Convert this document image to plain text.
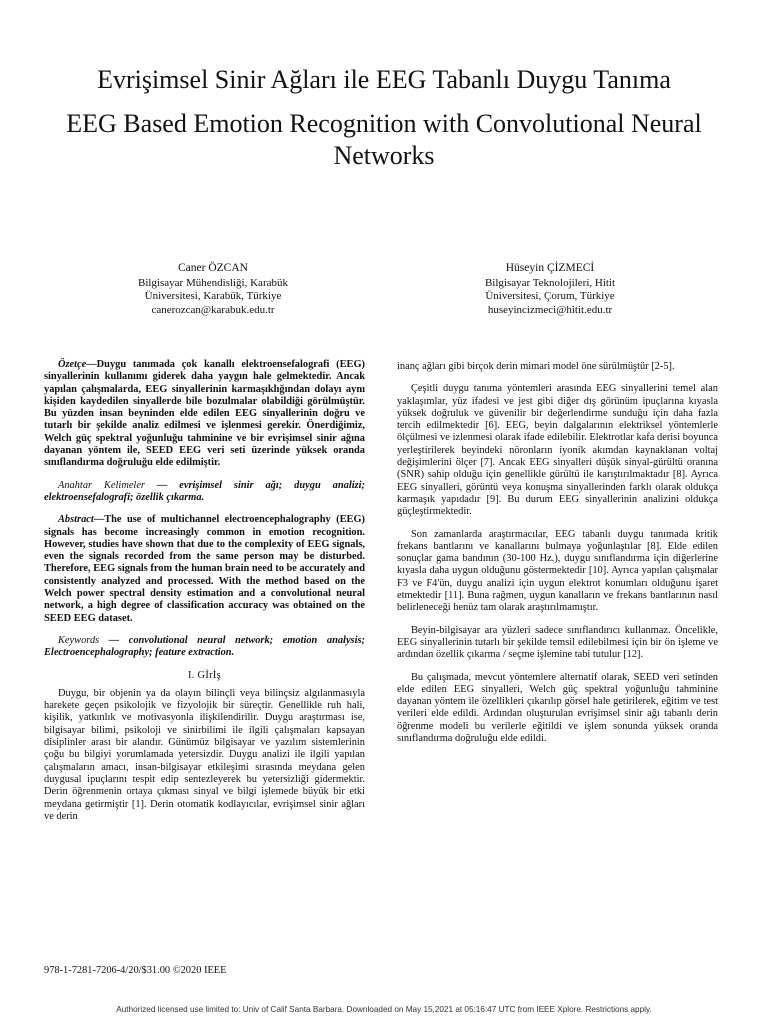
Evrişimsel Sinir Ağları ile EEG Tabanlı Duygu Tanıma
EEG Based Emotion Recognition with Convolutional Neural Networks
Caner ÖZCAN
Bilgisayar Mühendisliği, Karabük
Üniversitesi, Karabük, Türkiye
canerozcan@karabuk.edu.tr
Hüseyin ÇİZMECİ
Bilgisayar Teknolojileri, Hitit
Üniversitesi, Çorum, Türkiye
huseyincizmeci@hitit.edu.tr

Özetçe—Duygu tanımada çok kanallı elektroensefalografi (EEG) sinyallerinin kullanımı giderek daha yaygın hale gelmektedir. Ancak yapılan çalışmalarda, EEG sinyallerinin karmaşıklığından dolayı aynı kişiden kaydedilen sinyallerde bile bozulmalar olabildiği görülmüştür. Bu yüzden insan beyninden elde edilen EEG sinyallerinin doğru ve tutarlı bir şekilde analiz edilmesi ve işlenmesi gerekir. Önerdiğimiz, Welch güç spektral yoğunluğu tahminine ve bir evrişimsel sinir ağına dayanan yöntem ile, SEED EEG veri seti üzerinde yüksek oranda sınıflandırma doğruluğu elde edilmiştir.

Anahtar Kelimeler — evrişimsel sinir ağı; duygu analizi; elektroensefalografi; özellik çıkarma.

Abstract—The use of multichannel electroencephalography (EEG) signals has become increasingly common in emotion recognition. However, studies have shown that due to the complexity of EEG signals, even the signals recorded from the same person may be disturbed. Therefore, EEG signals from the human brain need to be accurately and consistently analyzed and processed. With the method based on the Welch power spectral density estimation and a convolutional neural network, a high degree of classification accuracy was obtained on the SEED EEG dataset.

Keywords — convolutional neural network; emotion analysis; Electroencephalography; feature extraction.

I. Gİrİş

Duygu, bir objenin ya da olayın bilinçli veya bilinçsiz algılanmasıyla harekete geçen psikolojik ve fizyolojik bir süreçtir. Genellikle ruh hali, kişilik, yatkınlık ve motivasyonla ilişkilendirilir. Duygu araştırması ise, bilgisayar bilimi, psikoloji ve sinirbilimi ile ilgili çalışmaları kapsayan disiplinler arası bir alandır. Günümüz bilgisayar ve yazılım sistemlerinin çoğu bu bilgiyi yorumlamada yetersizdir. Duygu analizi ile ilgili yapılan çalışmaların amacı, insan-bilgisayar etkileşimi sırasında meydana gelen duygusal ipuçlarını tespit edip sentezleyerek bu yetersizliği gidermektir. Derin öğrenmenin ortaya çıkması sinyal ve bilgi işlemede büyük bir etki meydana getirmiştir [1]. Derin otomatik kodlayıcılar, evrişimsel sinir ağları ve derin

inanç ağları gibi birçok derin mimari model öne sürülmüştür [2-5].

Çeşitli duygu tanıma yöntemleri arasında EEG sinyallerini temel alan yaklaşımlar, yüz ifadesi ve jest gibi diğer dış görünüm ipuçlarına kıyasla yüksek doğruluk ve güvenilir bir değerlendirme sunduğu için daha fazla tercih edilmektedir [6]. EEG, beyin dalgalarının elektriksel yöntemlerle ölçülmesi ve izlenmesi olarak ifade edilebilir. Elektrotlar kafa derisi boyunca yerleştirilerek beyindeki nöronların iyonik akımdan kaynaklanan voltaj değişimlerini ölçer [7]. Ancak EEG sinyalleri düşük sinyal-gürültü oranına (SNR) sahip olduğu için genellikle gürültü ile karıştırılmaktadır [8]. Ayrıca EEG sinyalleri, görüntü veya konuşma sinyallerinden farklı olarak oldukça karmaşık yapıdadır [9]. Bu durum EEG sinyallerinin analizini oldukça güçleştirmektedir.

Son zamanlarda araştırmacılar, EEG tabanlı duygu tanımada kritik frekans bantlarını ve kanallarını bulmaya yoğunlaştılar [8]. Elde edilen sonuçlar gama bandının (30-100 Hz.), duygu sınıflandırma için diğerlerine kıyasla daha uygun olduğunu göstermektedir [10]. Ayrıca yapılan çalışmalar F3 ve F4'ün, duygu analizi için uygun elektrot konumları olduğunu işaret etmektedir [11]. Buna rağmen, uygun kanalların ve frekans bantlarının nasıl belirleneceği henüz tam olarak araştırılmamıştır.

Beyin-bilgisayar ara yüzleri sadece sınıflandırıcı kullanmaz. Öncelikle, EEG sinyallerinin tutarlı bir şekilde temsil edilebilmesi için bir ön işleme ve ardından özellik çıkarma / seçme işlemine tabi tutulur [12].

Bu çalışmada, mevcut yöntemlere alternatif olarak, SEED veri setinden elde edilen EEG sinyalleri, Welch güç spektral yoğunluğu tahminine dayanan yöntem ile özellikleri çıkarılıp görsel hale getirilerek, eğitim ve test verileri elde edildi. Ardından oluşturulan evrişimsel sinir ağı tabanlı derin öğrenme modeli bu verilerle eğitildi ve işlem sonunda yüksek oranda sınıflandırma doğruluğu elde edildi.

978-1-7281-7206-4/20/$31.00 ©2020 IEEE
Authorized licensed use limited to: Univ of Calif Santa Barbara. Downloaded on May 15,2021 at 05:16:47 UTC from IEEE Xplore. Restrictions apply.
